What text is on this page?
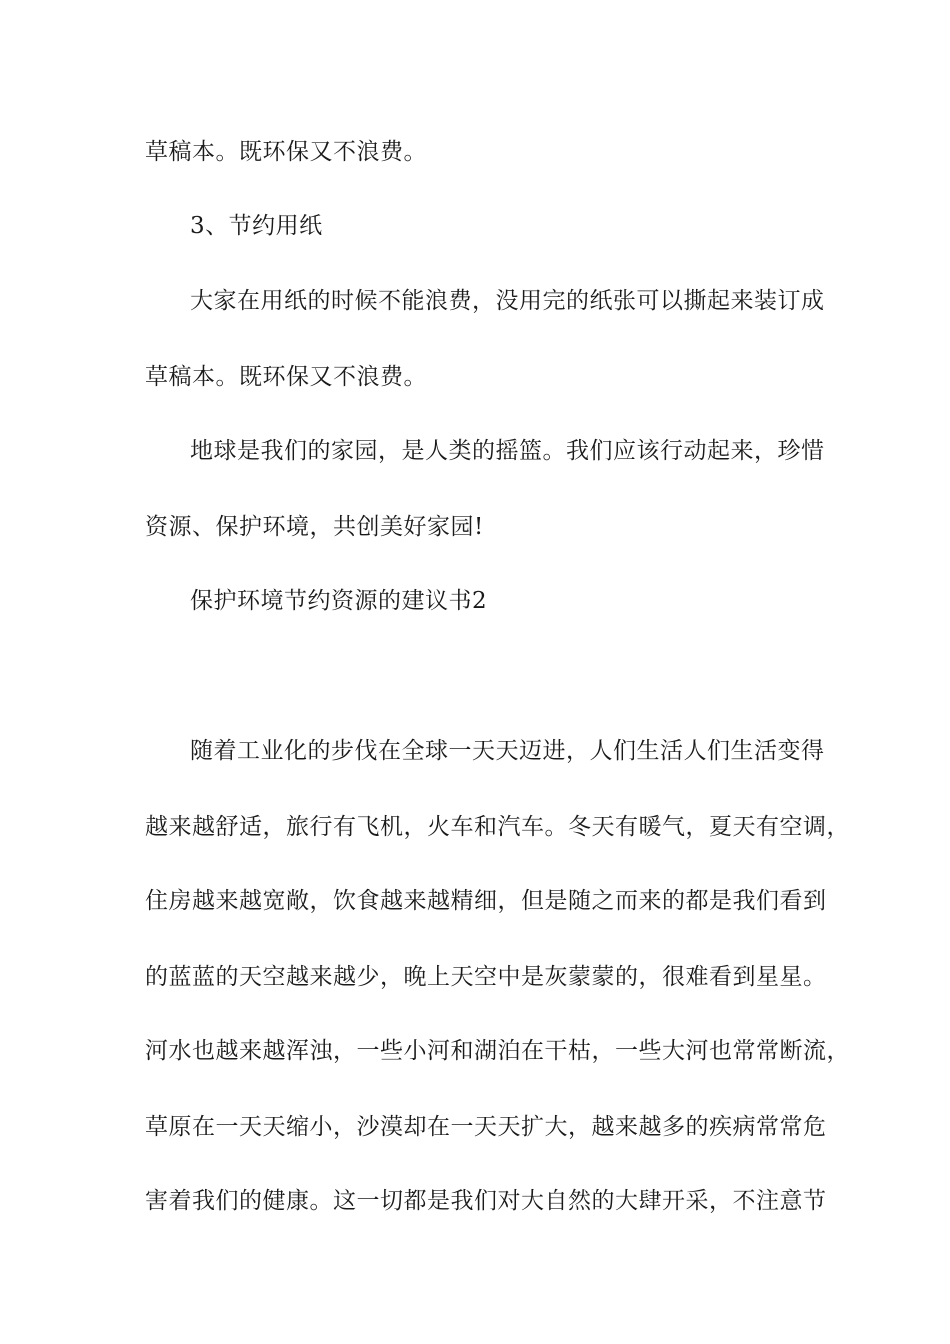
草稿本。既环保又不浪费。
3、节约用纸
大家在用纸的时候不能浪费，没用完的纸张可以撕起来装订成
草稿本。既环保又不浪费。
地球是我们的家园，是人类的摇篮。我们应该行动起来，珍惜
资源、保护环境，共创美好家园!
保护环境节约资源的建议书2
随着工业化的步伐在全球一天天迈进，人们生活人们生活变得
越来越舒适，旅行有飞机，火车和汽车。冬天有暖气，夏天有空调，
住房越来越宽敞，饮食越来越精细，但是随之而来的都是我们看到
的蓝蓝的天空越来越少，晚上天空中是灰蒙蒙的，很难看到星星。
河水也越来越浑浊，一些小河和湖泊在干枯，一些大河也常常断流，
草原在一天天缩小，沙漠却在一天天扩大，越来越多的疾病常常危
害着我们的健康。这一切都是我们对大自然的大肆开采，不注意节
